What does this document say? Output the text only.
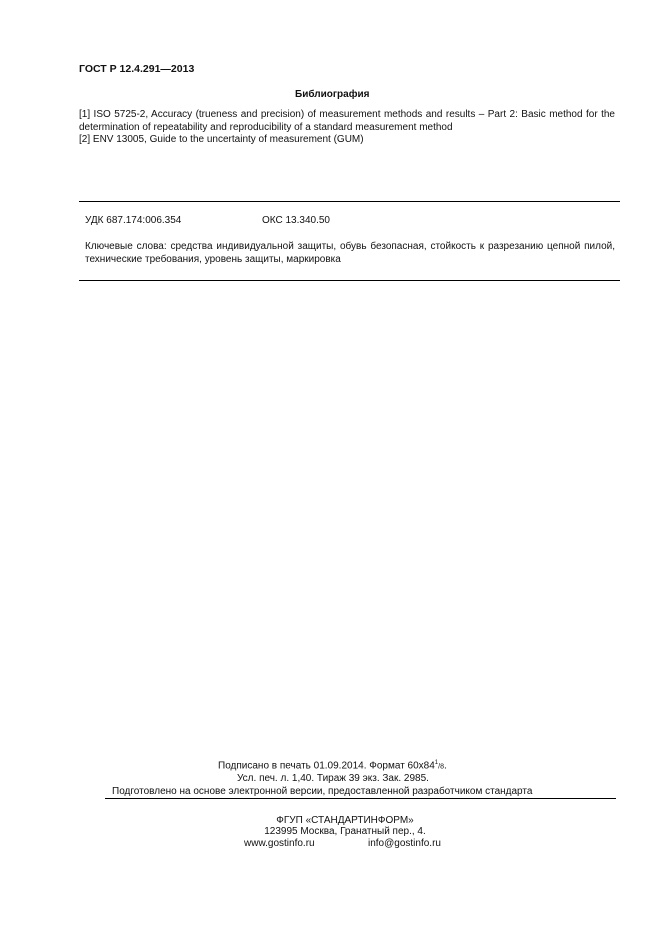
ГОСТ Р 12.4.291—2013
Библиография
[1] ISO 5725-2, Accuracy (trueness and precision) of measurement methods and results – Part 2: Basic method for the determination of repeatability and reproducibility of a standard measurement method
[2] ENV 13005, Guide to the uncertainty of measurement (GUM)
УДК 687.174:006.354	ОКС 13.340.50
Ключевые слова: средства индивидуальной защиты, обувь безопасная, стойкость к разрезанию цепной пилой, технические требования, уровень защиты, маркировка
Подписано в печать 01.09.2014. Формат $60x84^1/8$.
Усл. печ. л. 1,40. Тираж 39 экз. Зак. 2985.
Подготовлено на основе электронной версии, предоставленной разработчиком стандарта
ФГУП «СТАНДАРТИНФОРМ»
123995 Москва, Гранатный пер., 4.
www.gostinfo.ru	info@gostinfo.ru
